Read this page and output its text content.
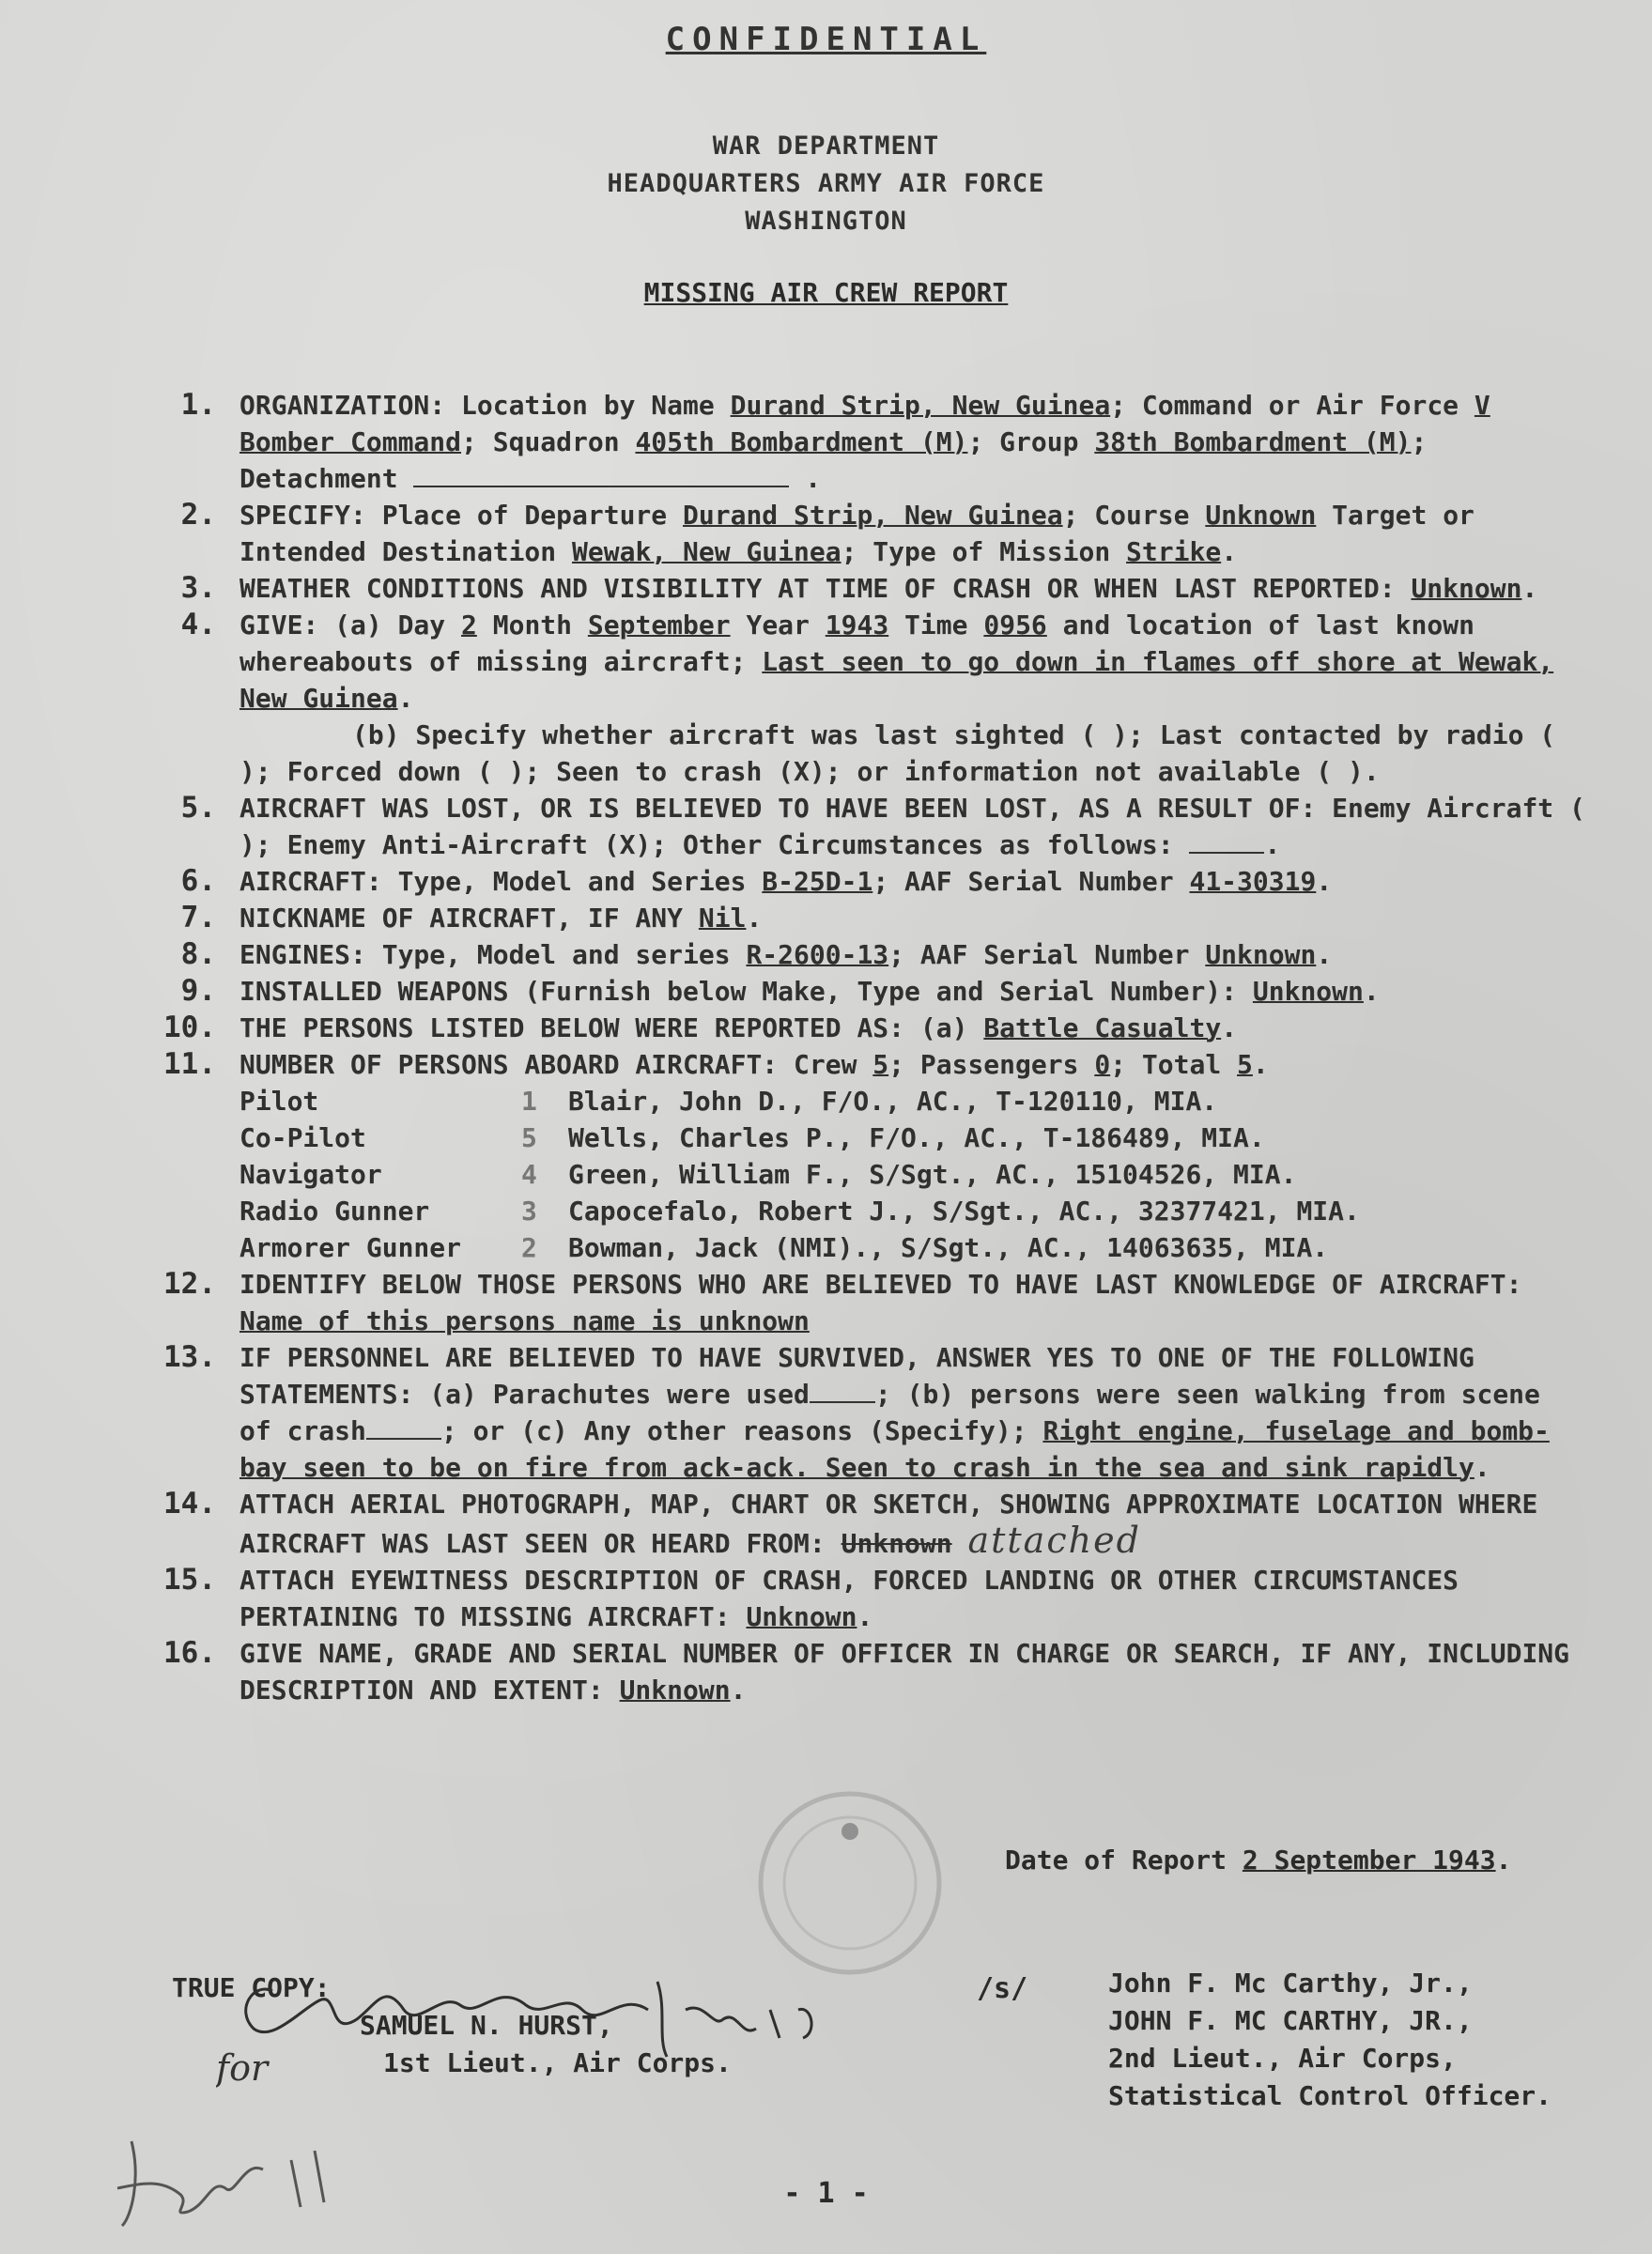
CONFIDENTIAL
WAR DEPARTMENT
HEADQUARTERS ARMY AIR FORCE
WASHINGTON
MISSING AIR CREW REPORT
1. ORGANIZATION: Location by Name Durand Strip, New Guinea; Command or Air Force V Bomber Command; Squadron 405th Bombardment (M); Group 38th Bombardment (M); Detachment	.
2. SPECIFY: Place of Departure Durand Strip, New Guinea; Course Unknown Target or Intended Destination Wewak, New Guinea; Type of Mission Strike.
3. WEATHER CONDITIONS AND VISIBILITY AT TIME OF CRASH OR WHEN LAST REPORTED: Unknown.
4. GIVE: (a) Day 2 Month September Year 1943 Time 0956 and location of last known whereabouts of missing aircraft; Last seen to go down in flames off shore at Wewak, New Guinea.
(b) Specify whether aircraft was last sighted ( ); Last contacted by radio ( ); Forced down ( ); Seen to crash (X); or information not available ( ).
5. AIRCRAFT WAS LOST, OR IS BELIEVED TO HAVE BEEN LOST, AS A RESULT OF: Enemy Aircraft ( ); Enemy Anti-Aircraft (X); Other Circumstances as follows:	.
6. AIRCRAFT: Type, Model and Series B-25D-1; AAF Serial Number 41-30319.
7. NICKNAME OF AIRCRAFT, IF ANY Nil.
8. ENGINES: Type, Model and series R-2600-13; AAF Serial Number Unknown.
9. INSTALLED WEAPONS (Furnish below Make, Type and Serial Number): Unknown.
10. THE PERSONS LISTED BELOW WERE REPORTED AS: (a) Battle Casualty.
11. NUMBER OF PERSONS ABOARD AIRCRAFT: Crew 5; Passengers 0; Total 5.
Pilot	1	Blair, John D., F/O., AC., T-120110, MIA.
Co-Pilot	5	Wells, Charles P., F/O., AC., T-186489, MIA.
Navigator	4	Green, William F., S/Sgt., AC., 15104526, MIA.
Radio Gunner	3	Capocefalo, Robert J., S/Sgt., AC., 32377421, MIA.
Armorer Gunner	2	Bowman, Jack (NMI)., S/Sgt., AC., 14063635, MIA.
12. IDENTIFY BELOW THOSE PERSONS WHO ARE BELIEVED TO HAVE LAST KNOWLEDGE OF AIRCRAFT: Name of this persons name is unknown
13. IF PERSONNEL ARE BELIEVED TO HAVE SURVIVED, ANSWER YES TO ONE OF THE FOLLOWING STATEMENTS: (a) Parachutes were used	; (b) persons were seen walking from scene of crash	; or (c) Any other reasons (Specify); Right engine, fuselage and bomb-bay seen to be on fire from ack-ack. Seen to crash in the sea and sink rapidly.
14. ATTACH AERIAL PHOTOGRAPH, MAP, CHART OR SKETCH, SHOWING APPROXIMATE LOCATION WHERE AIRCRAFT WAS LAST SEEN OR HEARD FROM: Unknown attached
15. ATTACH EYEWITNESS DESCRIPTION OF CRASH, FORCED LANDING OR OTHER CIRCUMSTANCES PERTAINING TO MISSING AIRCRAFT: Unknown.
16. GIVE NAME, GRADE AND SERIAL NUMBER OF OFFICER IN CHARGE OR SEARCH, IF ANY, INCLUDING DESCRIPTION AND EXTENT: Unknown.
Date of Report 2 September 1943.
TRUE COPY:
SAMUEL N. HURST,
1st Lieut., Air Corps.
for
/s/	John F. Mc Carthy, Jr.,
JOHN F. MC CARTHY, JR.,
2nd Lieut., Air Corps,
Statistical Control Officer.
- 1 -
